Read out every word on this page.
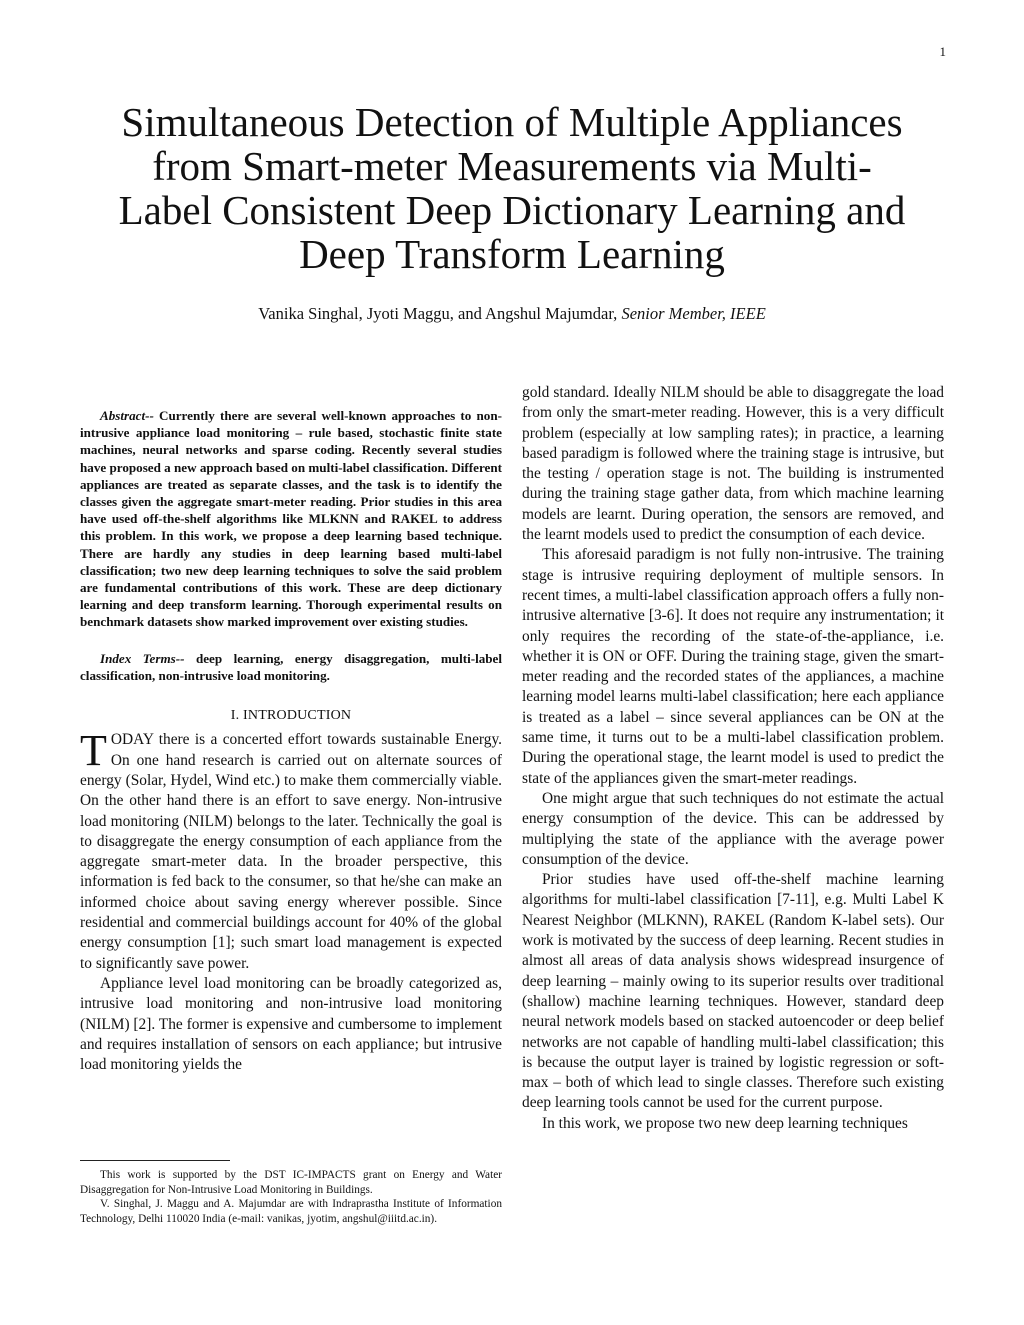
1
Simultaneous Detection of Multiple Appliances
from Smart-meter Measurements via Multi-
Label Consistent Deep Dictionary Learning and
Deep Transform Learning
Vanika Singhal, Jyoti Maggu, and Angshul Majumdar, Senior Member, IEEE

Abstract-- Currently there are several well-known approaches to non-intrusive appliance load monitoring – rule based, stochastic finite state machines, neural networks and sparse coding. Recently several studies have proposed a new approach based on multi-label classification. Different appliances are treated as separate classes, and the task is to identify the classes given the aggregate smart-meter reading. Prior studies in this area have used off-the-shelf algorithms like MLKNN and RAKEL to address this problem. In this work, we propose a deep learning based technique. There are hardly any studies in deep learning based multi-label classification; two new deep learning techniques to solve the said problem are fundamental contributions of this work. These are deep dictionary learning and deep transform learning. Thorough experimental results on benchmark datasets show marked improvement over existing studies.

Index Terms-- deep learning, energy disaggregation, multi-label classification, non-intrusive load monitoring.

I. INTRODUCTION

TODAY there is a concerted effort towards sustainable Energy. On one hand research is carried out on alternate sources of energy (Solar, Hydel, Wind etc.) to make them commercially viable. On the other hand there is an effort to save energy. Non-intrusive load monitoring (NILM) belongs to the later. Technically the goal is to disaggregate the energy consumption of each appliance from the aggregate smart-meter data. In the broader perspective, this information is fed back to the consumer, so that he/she can make an informed choice about saving energy wherever possible. Since residential and commercial buildings account for 40% of the global energy consumption [1]; such smart load management is expected to significantly save power.

Appliance level load monitoring can be broadly categorized as, intrusive load monitoring and non-intrusive load monitoring (NILM) [2]. The former is expensive and cumbersome to implement and requires installation of sensors on each appliance; but intrusive load monitoring yields the

gold standard. Ideally NILM should be able to disaggregate the load from only the smart-meter reading. However, this is a very difficult problem (especially at low sampling rates); in practice, a learning based paradigm is followed where the training stage is intrusive, but the testing / operation stage is not. The building is instrumented during the training stage gather data, from which machine learning models are learnt. During operation, the sensors are removed, and the learnt models used to predict the consumption of each device.

This aforesaid paradigm is not fully non-intrusive. The training stage is intrusive requiring deployment of multiple sensors. In recent times, a multi-label classification approach offers a fully non-intrusive alternative [3-6]. It does not require any instrumentation; it only requires the recording of the state-of-the-appliance, i.e. whether it is ON or OFF. During the training stage, given the smart-meter reading and the recorded states of the appliances, a machine learning model learns multi-label classification; here each appliance is treated as a label – since several appliances can be ON at the same time, it turns out to be a multi-label classification problem. During the operational stage, the learnt model is used to predict the state of the appliances given the smart-meter readings.

One might argue that such techniques do not estimate the actual energy consumption of the device. This can be addressed by multiplying the state of the appliance with the average power consumption of the device.

Prior studies have used off-the-shelf machine learning algorithms for multi-label classification [7-11], e.g. Multi Label K Nearest Neighbor (MLKNN), RAKEL (Random K-label sets). Our work is motivated by the success of deep learning. Recent studies in almost all areas of data analysis shows widespread insurgence of deep learning – mainly owing to its superior results over traditional (shallow) machine learning techniques. However, standard deep neural network models based on stacked autoencoder or deep belief networks are not capable of handling multi-label classification; this is because the output layer is trained by logistic regression or soft-max – both of which lead to single classes. Therefore such existing deep learning tools cannot be used for the current purpose.

In this work, we propose two new deep learning techniques

This work is supported by the DST IC-IMPACTS grant on Energy and Water Disaggregation for Non-Intrusive Load Monitoring in Buildings.

V. Singhal, J. Maggu and A. Majumdar are with Indraprastha Institute of Information Technology, Delhi 110020 India (e-mail: vanikas, jyotim, angshul@iiitd.ac.in).
